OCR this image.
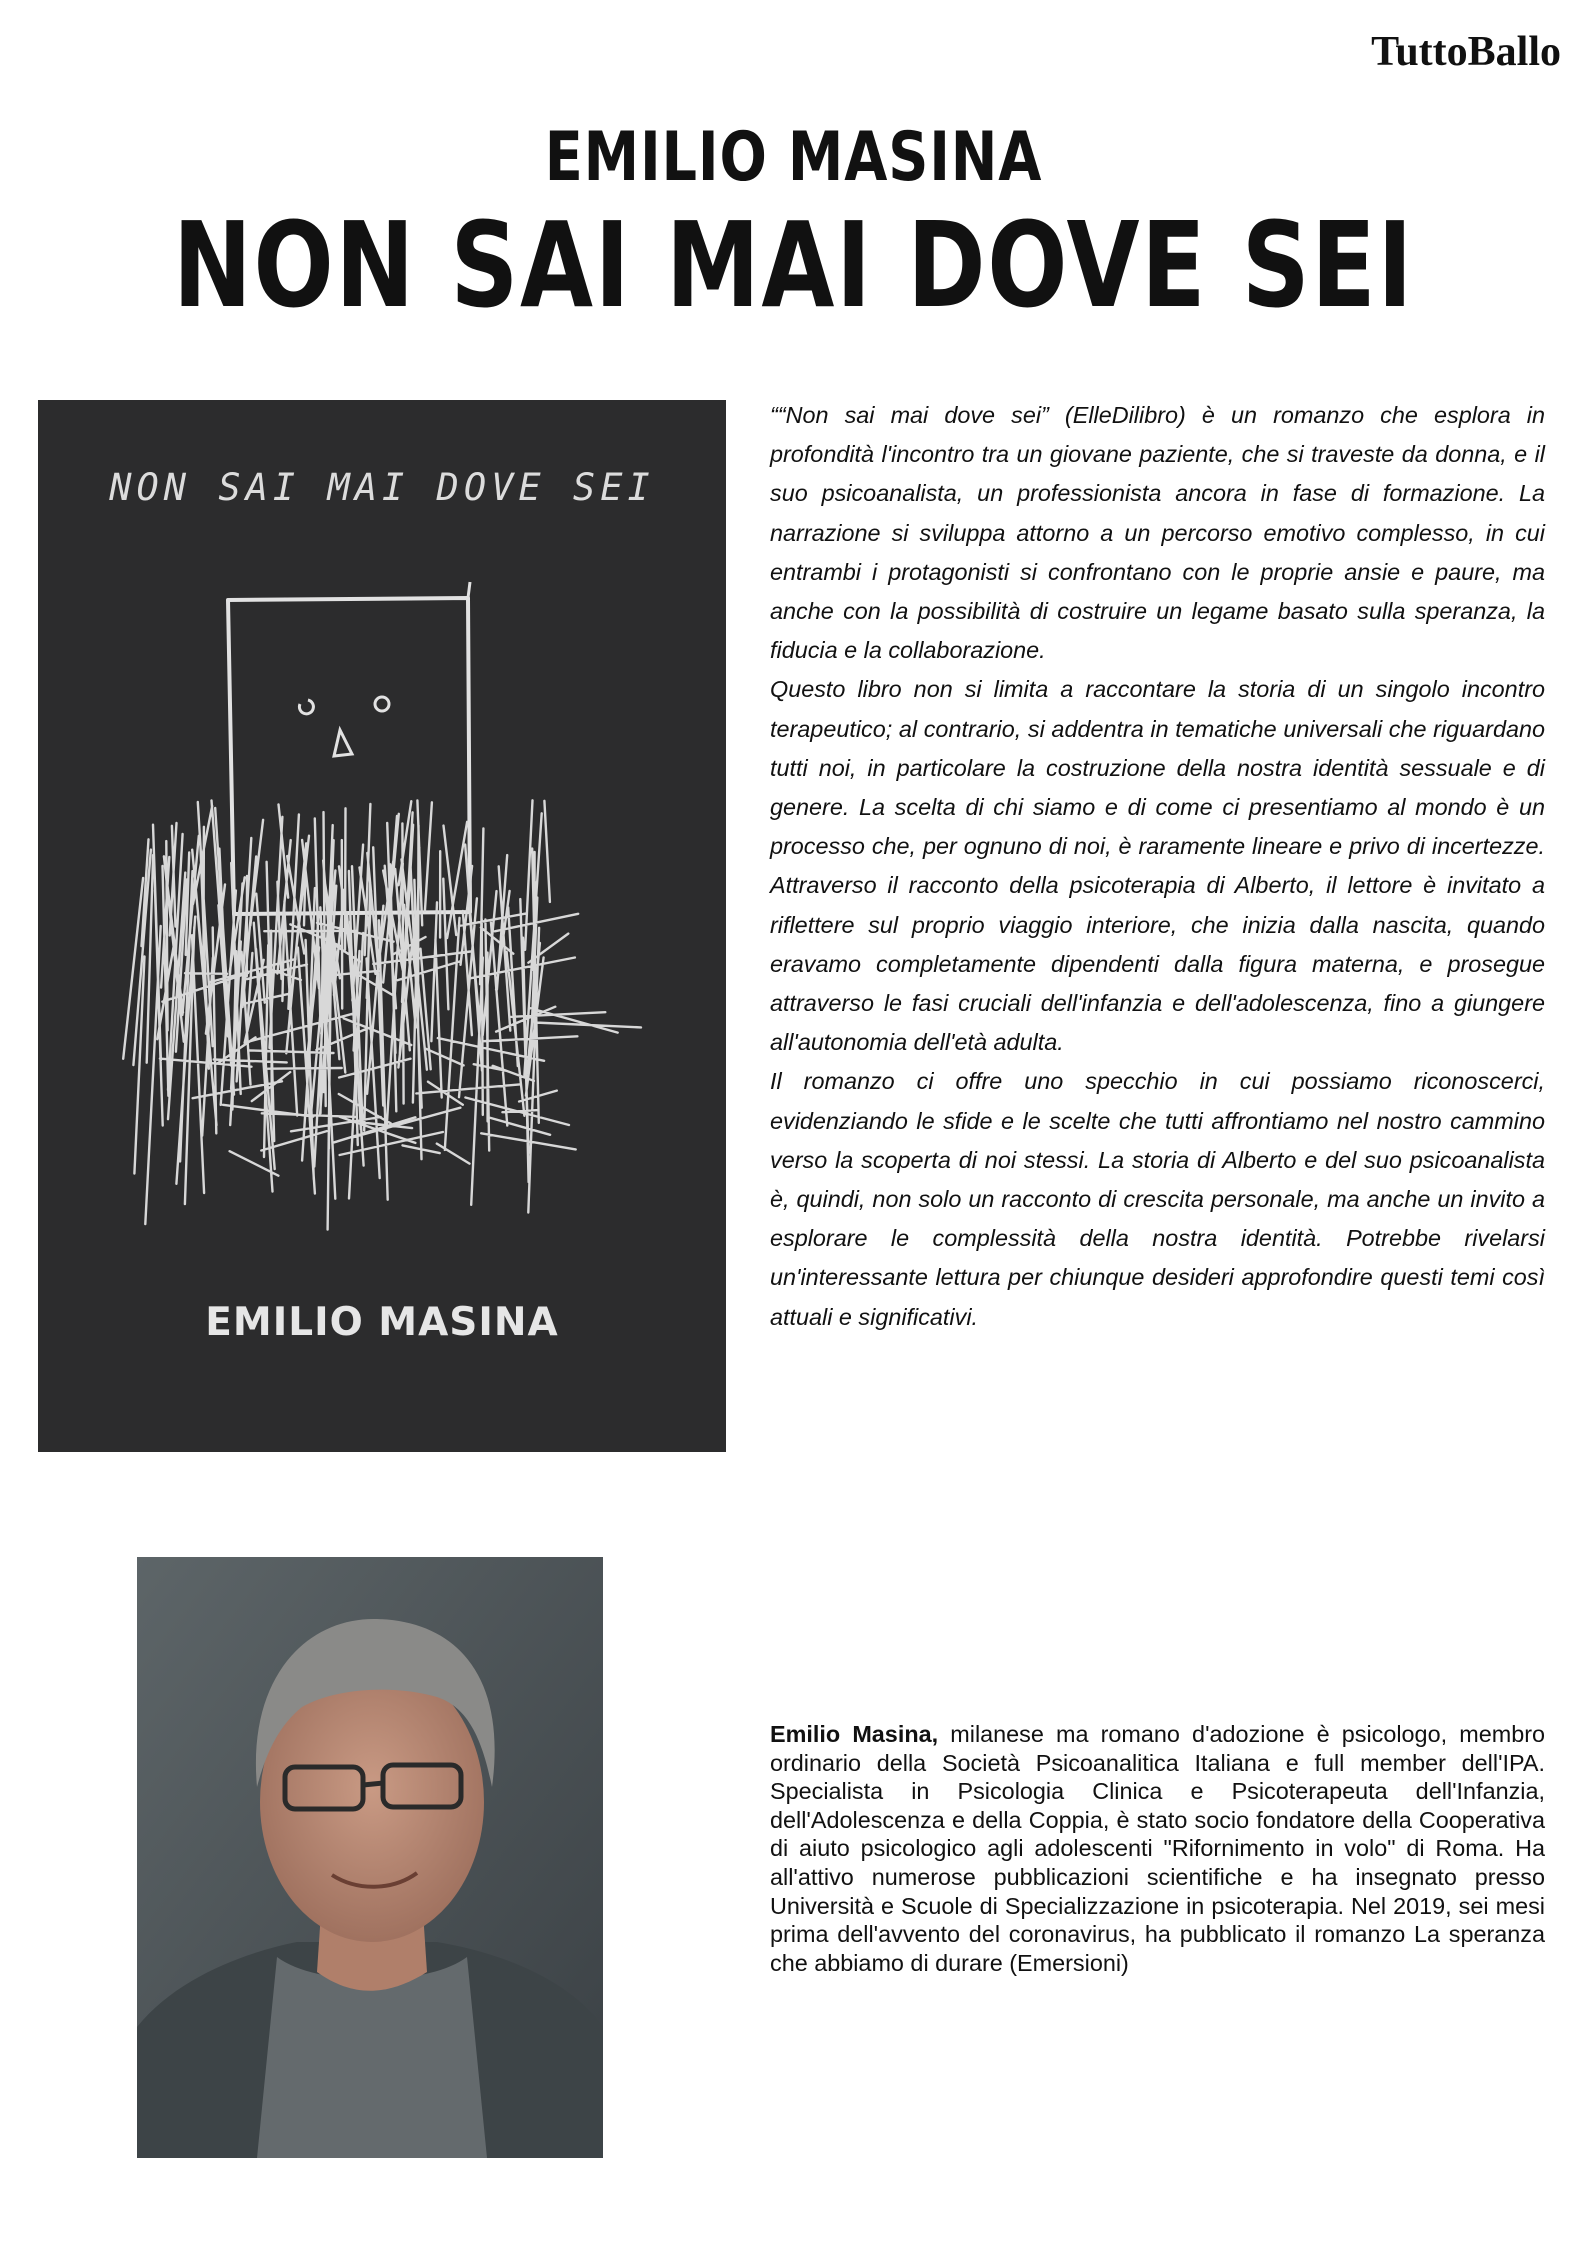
TuttoBallo
EMILIO MASINA
NON SAI MAI DOVE SEI
NON SAI MAI DOVE SEI
EMILIO MASINA

““Non sai mai dove sei” (ElleDilibro) è un romanzo che esplora in profondità l'incontro tra un giovane paziente, che si traveste da donna, e il suo psicoanalista, un professionista ancora in fase di formazione. La narrazione si sviluppa attorno a un percorso emotivo complesso, in cui entrambi i protagonisti si confrontano con le proprie ansie e paure, ma anche con la possibilità di costruire un legame basato sulla speranza, la fiducia e la collaborazione.

Questo libro non si limita a raccontare la storia di un singolo incontro terapeutico; al contrario, si addentra in tematiche universali che riguardano tutti noi, in particolare la costruzione della nostra identità sessuale e di genere. La scelta di chi siamo e di come ci presentiamo al mondo è un processo che, per ognuno di noi, è raramente lineare e privo di incertezze. Attraverso il racconto della psicoterapia di Alberto, il lettore è invitato a riflettere sul proprio viaggio interiore, che inizia dalla nascita, quando eravamo completamente dipendenti dalla figura materna, e prosegue attraverso le fasi cruciali dell'infanzia e dell'adolescenza, fino a giungere all'autonomia dell'età adulta.

Il romanzo ci offre uno specchio in cui possiamo riconoscerci, evidenziando le sfide e le scelte che tutti affrontiamo nel nostro cammino verso la scoperta di noi stessi. La storia di Alberto e del suo psicoanalista è, quindi, non solo un racconto di crescita personale, ma anche un invito a esplorare le complessità della nostra identità. Potrebbe rivelarsi un'interessante lettura per chiunque desideri approfondire questi temi così attuali e significativi.

Emilio Masina, milanese ma romano d'adozione è psicologo, membro ordinario della Società Psicoanalitica Italiana e full member dell'IPA. Specialista in Psicologia Clinica e Psicoterapeuta dell'Infanzia, dell'Adolescenza e della Coppia, è stato socio fondatore della Cooperativa di aiuto psicologico agli adolescenti "Rifornimento in volo" di Roma. Ha all'attivo numerose pubblicazioni scientifiche e ha insegnato presso Università e Scuole di Specializzazione in psicoterapia. Nel 2019, sei mesi prima dell'avvento del coronavirus, ha pubblicato il romanzo La speranza che abbiamo di durare (Emersioni)
